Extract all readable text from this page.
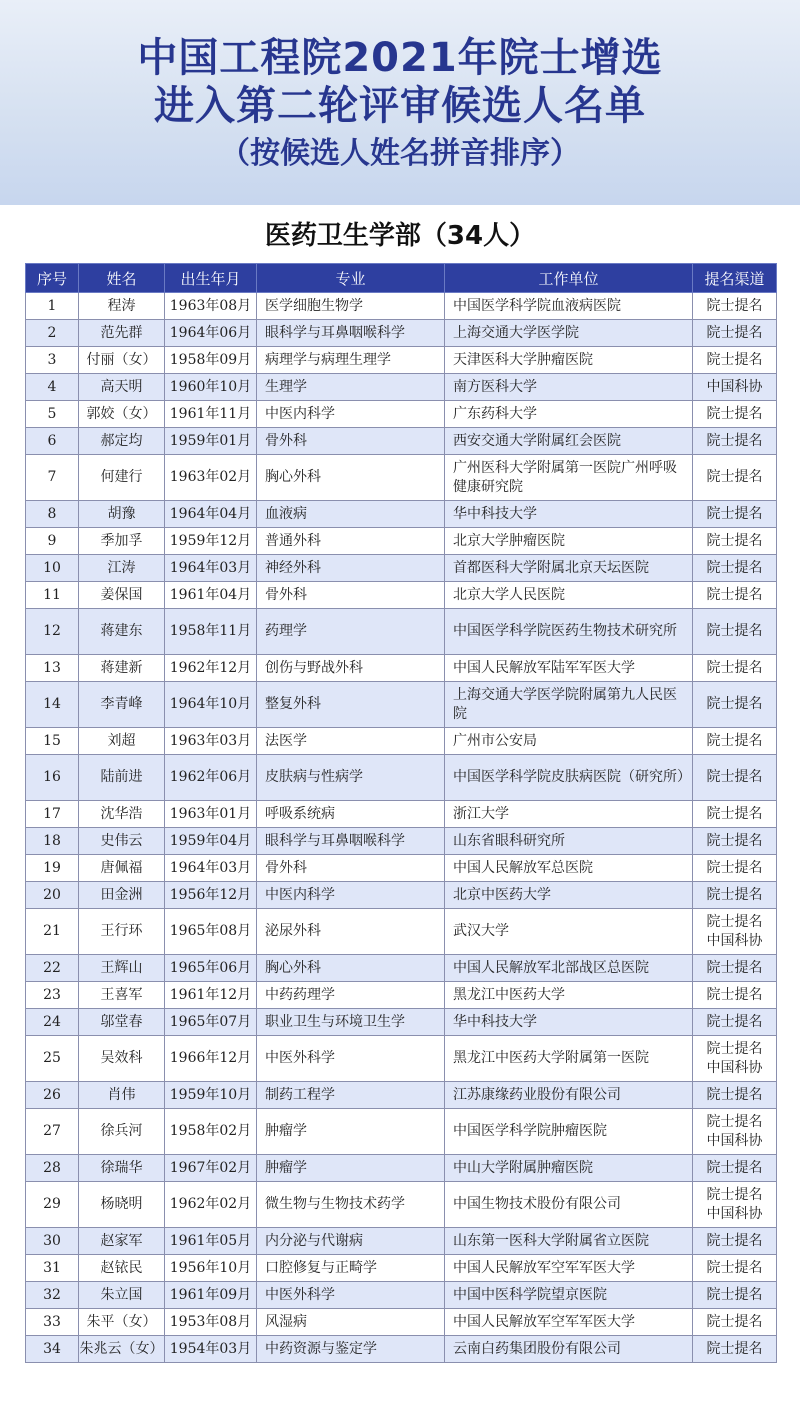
中国工程院2021年院士增选
进入第二轮评审候选人名单
（按候选人姓名拼音排序）
医药卫生学部（34人）
序号	姓名	出生年月	专业	工作单位	提名渠道
1	程涛	1963年08月	医学细胞生物学	中国医学科学院血液病医院	院士提名
2	范先群	1964年06月	眼科学与耳鼻咽喉科学	上海交通大学医学院	院士提名
3	付丽（女）	1958年09月	病理学与病理生理学	天津医科大学肿瘤医院	院士提名
4	高天明	1960年10月	生理学	南方医科大学	中国科协
5	郭姣（女）	1961年11月	中医内科学	广东药科大学	院士提名
6	郝定均	1959年01月	骨外科	西安交通大学附属红会医院	院士提名
7	何建行	1963年02月	胸心外科	广州医科大学附属第一医院广州呼吸健康研究院	院士提名
8	胡豫	1964年04月	血液病	华中科技大学	院士提名
9	季加孚	1959年12月	普通外科	北京大学肿瘤医院	院士提名
10	江涛	1964年03月	神经外科	首都医科大学附属北京天坛医院	院士提名
11	姜保国	1961年04月	骨外科	北京大学人民医院	院士提名
12	蒋建东	1958年11月	药理学	中国医学科学院医药生物技术研究所	院士提名
13	蒋建新	1962年12月	创伤与野战外科	中国人民解放军陆军军医大学	院士提名
14	李青峰	1964年10月	整复外科	上海交通大学医学院附属第九人民医院	院士提名
15	刘超	1963年03月	法医学	广州市公安局	院士提名
16	陆前进	1962年06月	皮肤病与性病学	中国医学科学院皮肤病医院（研究所）	院士提名
17	沈华浩	1963年01月	呼吸系统病	浙江大学	院士提名
18	史伟云	1959年04月	眼科学与耳鼻咽喉科学	山东省眼科研究所	院士提名
19	唐佩福	1964年03月	骨外科	中国人民解放军总医院	院士提名
20	田金洲	1956年12月	中医内科学	北京中医药大学	院士提名
21	王行环	1965年08月	泌尿外科	武汉大学	院士提名
中国科协
22	王辉山	1965年06月	胸心外科	中国人民解放军北部战区总医院	院士提名
23	王喜军	1961年12月	中药药理学	黑龙江中医药大学	院士提名
24	邬堂春	1965年07月	职业卫生与环境卫生学	华中科技大学	院士提名
25	吴效科	1966年12月	中医外科学	黑龙江中医药大学附属第一医院	院士提名
中国科协
26	肖伟	1959年10月	制药工程学	江苏康缘药业股份有限公司	院士提名
27	徐兵河	1958年02月	肿瘤学	中国医学科学院肿瘤医院	院士提名
中国科协
28	徐瑞华	1967年02月	肿瘤学	中山大学附属肿瘤医院	院士提名
29	杨晓明	1962年02月	微生物与生物技术药学	中国生物技术股份有限公司	院士提名
中国科协
30	赵家军	1961年05月	内分泌与代谢病	山东第一医科大学附属省立医院	院士提名
31	赵铱民	1956年10月	口腔修复与正畸学	中国人民解放军空军军医大学	院士提名
32	朱立国	1961年09月	中医外科学	中国中医科学院望京医院	院士提名
33	朱平（女）	1953年08月	风湿病	中国人民解放军空军军医大学	院士提名
34	朱兆云（女）	1954年03月	中药资源与鉴定学	云南白药集团股份有限公司	院士提名
